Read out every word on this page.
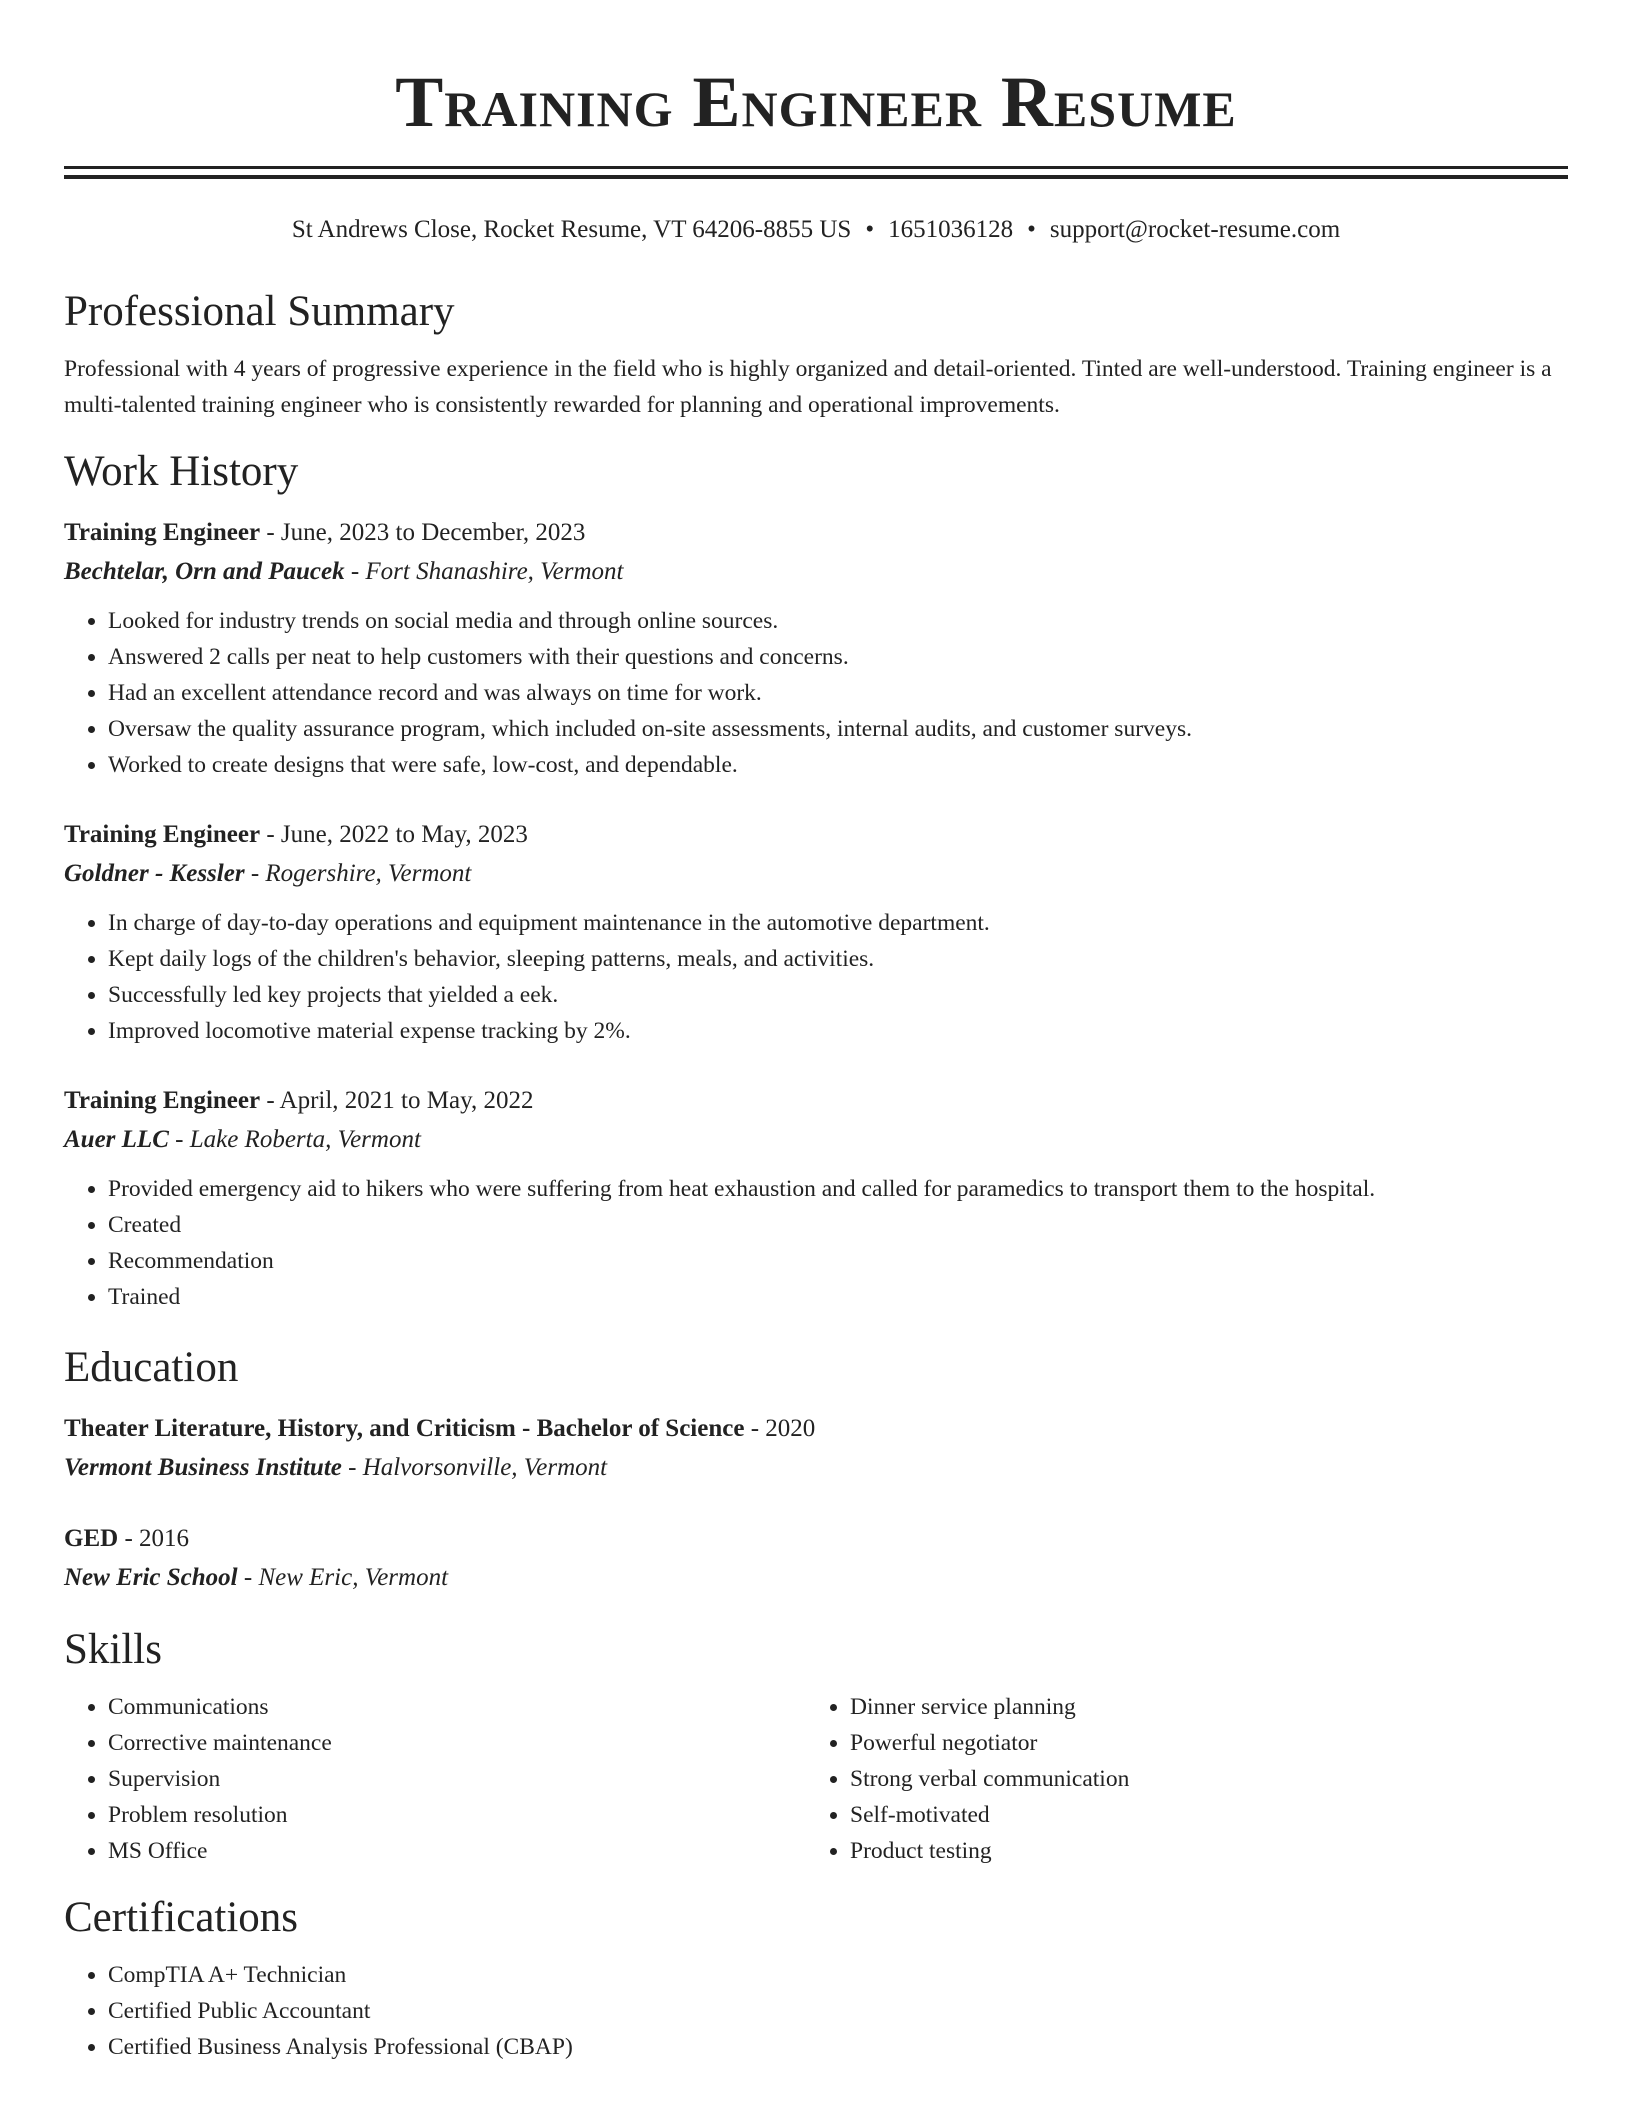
Training Engineer Resume
St Andrews Close, Rocket Resume, VT 64206-8855 US • 1651036128 • support@rocket-resume.com
Professional Summary

Professional with 4 years of progressive experience in the field who is highly organized and detail-oriented. Tinted are well-understood. Training engineer is a multi-talented training engineer who is consistently rewarded for planning and operational improvements.

Work History
Training Engineer - June, 2023 to December, 2023
Bechtelar, Orn and Paucek - Fort Shanashire, Vermont
• Looked for industry trends on social media and through online sources.
• Answered 2 calls per neat to help customers with their questions and concerns.
• Had an excellent attendance record and was always on time for work.
• Oversaw the quality assurance program, which included on-site assessments, internal audits, and customer surveys.
• Worked to create designs that were safe, low-cost, and dependable.
Training Engineer - June, 2022 to May, 2023
Goldner - Kessler - Rogershire, Vermont
• In charge of day-to-day operations and equipment maintenance in the automotive department.
• Kept daily logs of the children's behavior, sleeping patterns, meals, and activities.
• Successfully led key projects that yielded a eek.
• Improved locomotive material expense tracking by 2%.
Training Engineer - April, 2021 to May, 2022
Auer LLC - Lake Roberta, Vermont
• Provided emergency aid to hikers who were suffering from heat exhaustion and called for paramedics to transport them to the hospital.
• Created
• Recommendation
• Trained
Education
Theater Literature, History, and Criticism - Bachelor of Science - 2020
Vermont Business Institute - Halvorsonville, Vermont
GED - 2016
New Eric School - New Eric, Vermont
Skills
• Communications
• Corrective maintenance
• Supervision
• Problem resolution
• MS Office
• Dinner service planning
• Powerful negotiator
• Strong verbal communication
• Self-motivated
• Product testing
Certifications
• CompTIA A+ Technician
• Certified Public Accountant
• Certified Business Analysis Professional (CBAP)
